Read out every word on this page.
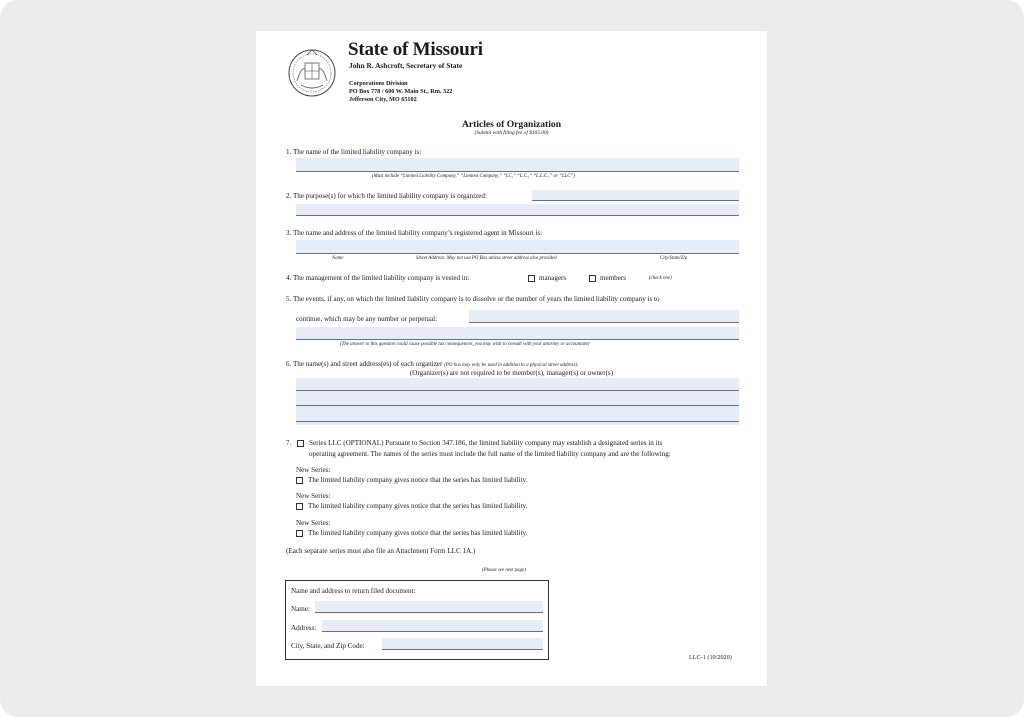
State of Missouri
John R. Ashcroft, Secretary of State
Corporations Division
PO Box 778 / 600 W. Main St., Rm. 322
Jefferson City, MO 65102
Articles of Organization
(Submit with filing fee of $105.00)
1. The name of the limited liability company is:
(Must include “Limited Liability Company,” “Limited Company,” “LC,” “L.C.,” “L.L.C.,” or “LLC”)
2. The purpose(s) for which the limited liability company is organized:
3. The name and address of the limited liability company’s registered agent in Missouri is:
Name	Street Address: May not use PO Box unless street address also provided	City/State/Zip
4. The management of the limited liability company is vested in:	managers	members	(check one)
5. The events, if any, on which the limited liability company is to dissolve or the number of years the limited liability company is to
continue, which may be any number or perpetual:
(The answer to this question could cause possible tax consequences, you may wish to consult with your attorney or accountant)
6. The name(s) and street address(es) of each organizer (PO box may only be used in addition to a physical street address):
(Organizer(s) are not required to be member(s), manager(s) or owner(s)
7. Series LLC (OPTIONAL) Pursuant to Section 347.186, the limited liability company may establish a designated series in its
operating agreement. The names of the series must include the full name of the limited liability company and are the following:
New Series:
The limited liability company gives notice that the series has limited liability.
New Series:
The limited liability company gives notice that the series has limited liability.
New Series:
The limited liability company gives notice that the series has limited liability.
(Each separate series must also file an Attachment Form LLC 1A.)
(Please see next page)
Name and address to return filed document:
Name:
Address:
City, State, and Zip Code:
LLC-1 (10/2020)
